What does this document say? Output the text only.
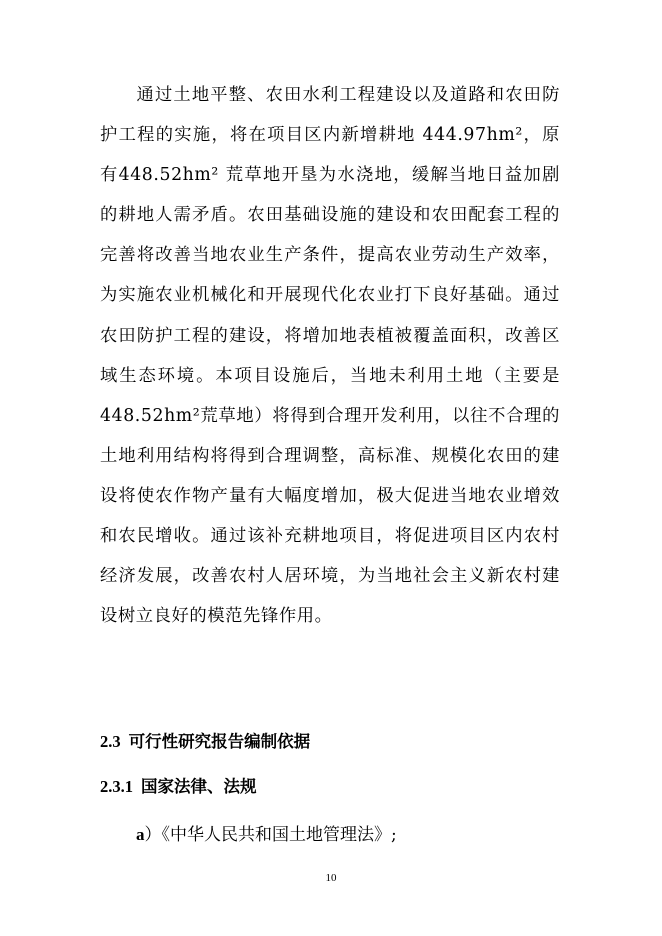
通过土地平整、农田水利工程建设以及道路和农田防护工程的实施，将在项目区内新增耕地 444.97hm²，原有448.52hm² 荒草地开垦为水浇地，缓解当地日益加剧的耕地人需矛盾。农田基础设施的建设和农田配套工程的完善将改善当地农业生产条件，提高农业劳动生产效率，为实施农业机械化和开展现代化农业打下良好基础。通过农田防护工程的建设，将增加地表植被覆盖面积，改善区域生态环境。本项目设施后，当地未利用土地（主要是 448.52hm²荒草地）将得到合理开发利用，以往不合理的土地利用结构将得到合理调整，高标准、规模化农田的建设将使农作物产量有大幅度增加，极大促进当地农业增效和农民增收。通过该补充耕地项目，将促进项目区内农村经济发展，改善农村人居环境，为当地社会主义新农村建设树立良好的模范先锋作用。
2.3 可行性研究报告编制依据
2.3.1 国家法律、法规
a）《中华人民共和国土地管理法》;
10
